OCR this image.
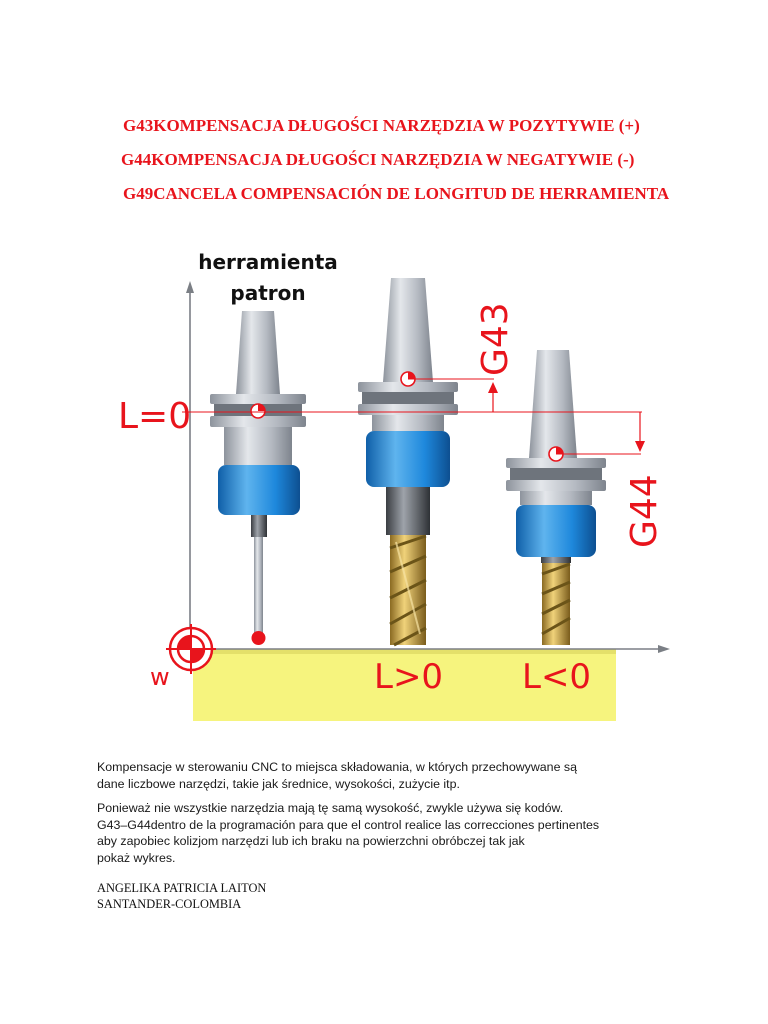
G43KOMPENSACJA DŁUGOŚCI NARZĘDZIA W POZYTYWIE (+)
G44KOMPENSACJA DŁUGOŚCI NARZĘDZIA W NEGATYWIE (-)
G49CANCELA COMPENSACIÓN DE LONGITUD DE HERRAMIENTA
herramienta
patron
L=0
G43
G44
L>0 L<0
w

Kompensacje w sterowaniu CNC to miejsca składowania, w których przechowywane są
dane liczbowe narzędzi, takie jak średnice, wysokości, zużycie itp.

Ponieważ nie wszystkie narzędzia mają tę samą wysokość, zwykle używa się kodów.
G43–G44dentro de la programación para que el control realice las correcciones pertinentes
aby zapobiec kolizjom narzędzi lub ich braku na powierzchni obróbczej tak jak
pokaż wykres.

ANGELIKA PATRICIA LAITON

SANTANDER-COLOMBIA
